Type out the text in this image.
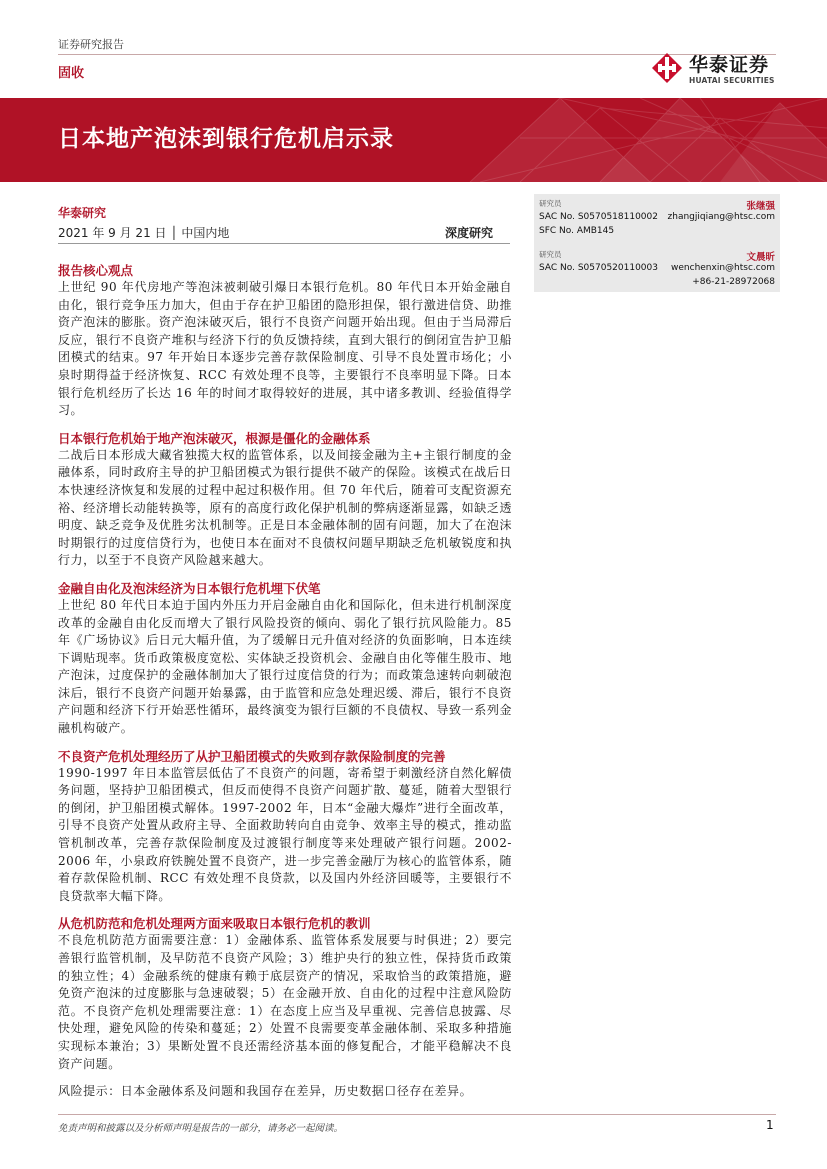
证券研究报告
固收	华泰证券
HUATAI SECURITIES
日本地产泡沫到银行危机启示录
华泰研究
2021 年 9 月 21 日 │ 中国内地	深度研究
研究员	张继强
SAC No. S0570518110002 zhangjiqiang@htsc.com
SFC No. AMB145
研究员	文晨昕
SAC No. S0570520110003 wenchenxin@htsc.com
+86-21-28972068

报告核心观点

上世纪 90 年代房地产等泡沫被刺破引爆日本银行危机。80 年代日本开始金融自由化，银行竞争压力加大，但由于存在护卫船团的隐形担保，银行激进信贷、助推资产泡沫的膨胀。资产泡沫破灭后，银行不良资产问题开始出现。但由于当局滞后反应，银行不良资产堆积与经济下行的负反馈持续，直到大银行的倒闭宣告护卫船团模式的结束。97 年开始日本逐步完善存款保险制度、引导不良处置市场化；小泉时期得益于经济恢复、RCC 有效处理不良等，主要银行不良率明显下降。日本银行危机经历了长达 16 年的时间才取得较好的进展，其中诸多教训、经验值得学习。

日本银行危机始于地产泡沫破灭，根源是僵化的金融体系

二战后日本形成大藏省独揽大权的监管体系，以及间接金融为主+主银行制度的金融体系，同时政府主导的护卫船团模式为银行提供不破产的保险。该模式在战后日本快速经济恢复和发展的过程中起过积极作用。但 70 年代后，随着可支配资源充裕、经济增长动能转换等，原有的高度行政化保护机制的弊病逐渐显露，如缺乏透明度、缺乏竞争及优胜劣汰机制等。正是日本金融体制的固有问题，加大了在泡沫时期银行的过度信贷行为，也使日本在面对不良债权问题早期缺乏危机敏锐度和执行力，以至于不良资产风险越来越大。

金融自由化及泡沫经济为日本银行危机埋下伏笔

上世纪 80 年代日本迫于国内外压力开启金融自由化和国际化，但未进行机制深度改革的金融自由化反而增大了银行风险投资的倾向、弱化了银行抗风险能力。85 年《广场协议》后日元大幅升值，为了缓解日元升值对经济的负面影响，日本连续下调贴现率。货币政策极度宽松、实体缺乏投资机会、金融自由化等催生股市、地产泡沫，过度保护的金融体制加大了银行过度信贷的行为；而政策急速转向刺破泡沫后，银行不良资产问题开始暴露，由于监管和应急处理迟缓、滞后，银行不良资产问题和经济下行开始恶性循环，最终演变为银行巨额的不良债权、导致一系列金融机构破产。

不良资产危机处理经历了从护卫船团模式的失败到存款保险制度的完善

1990-1997 年日本监管层低估了不良资产的问题，寄希望于刺激经济自然化解债务问题，坚持护卫船团模式，但反而使得不良资产问题扩散、蔓延，随着大型银行的倒闭，护卫船团模式解体。1997-2002 年，日本“金融大爆炸”进行全面改革，引导不良资产处置从政府主导、全面救助转向自由竞争、效率主导的模式，推动监管机制改革，完善存款保险制度及过渡银行制度等来处理破产银行问题。2002-2006 年，小泉政府铁腕处置不良资产，进一步完善金融厅为核心的监管体系，随着存款保险机制、RCC 有效处理不良贷款，以及国内外经济回暖等，主要银行不良贷款率大幅下降。

从危机防范和危机处理两方面来吸取日本银行危机的教训

不良危机防范方面需要注意：1）金融体系、监管体系发展要与时俱进；2）要完善银行监管机制，及早防范不良资产风险；3）维护央行的独立性，保持货币政策的独立性；4）金融系统的健康有赖于底层资产的情况，采取恰当的政策措施，避免资产泡沫的过度膨胀与急速破裂；5）在金融开放、自由化的过程中注意风险防范。不良资产危机处理需要注意：1）在态度上应当及早重视、完善信息披露、尽快处理，避免风险的传染和蔓延；2）处置不良需要变革金融体制、采取多种措施实现标本兼治；3）果断处置不良还需经济基本面的修复配合，才能平稳解决不良资产问题。

风险提示：日本金融体系及问题和我国存在差异，历史数据口径存在差异。

免责声明和披露以及分析师声明是报告的一部分，请务必一起阅读。	1
